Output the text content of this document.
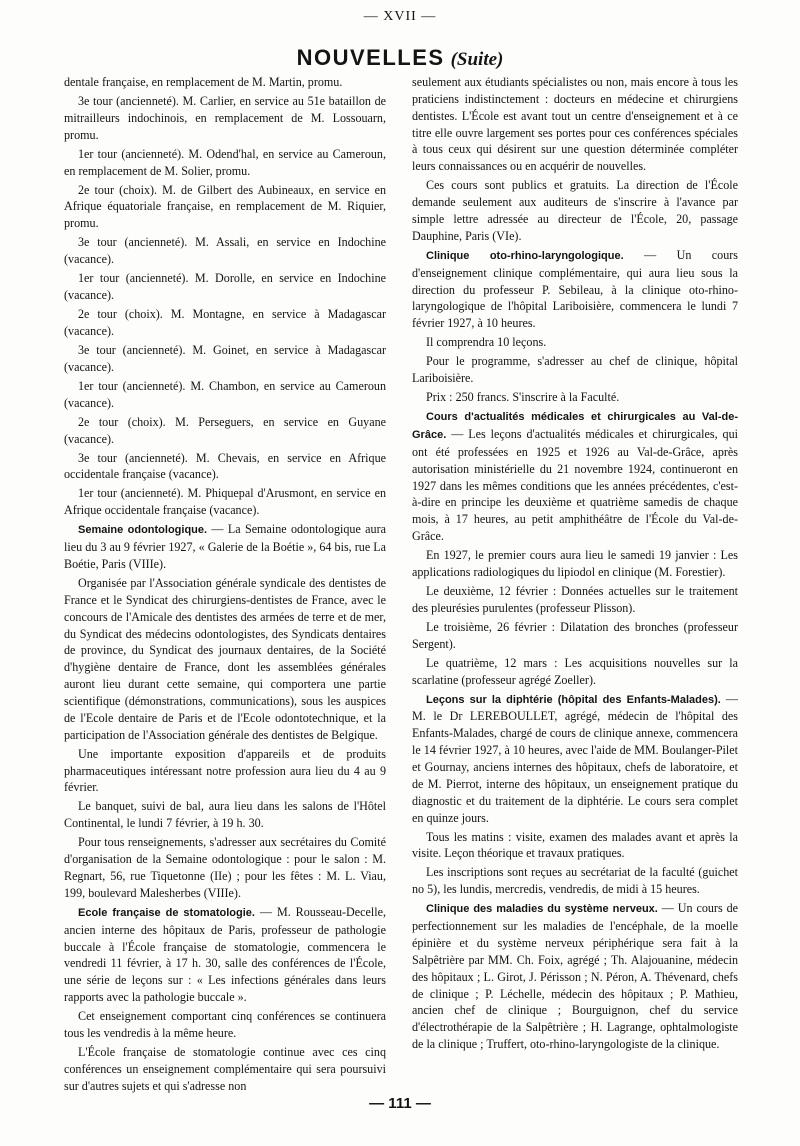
— XVII —
NOUVELLES (Suite)

dentale française, en remplacement de M. Martin, promu.

3e tour (ancienneté). M. Carlier, en service au 51e bataillon de mitrailleurs indochinois, en remplacement de M. Lossouarn, promu.

1er tour (ancienneté). M. Odend'hal, en service au Cameroun, en remplacement de M. Solier, promu.

2e tour (choix). M. de Gilbert des Aubineaux, en service en Afrique équatoriale française, en remplacement de M. Riquier, promu.

3e tour (ancienneté). M. Assali, en service en Indochine (vacance).

1er tour (ancienneté). M. Dorolle, en service en Indochine (vacance).

2e tour (choix). M. Montagne, en service à Madagascar (vacance).

3e tour (ancienneté). M. Goinet, en service à Madagascar (vacance).

1er tour (ancienneté). M. Chambon, en service au Cameroun (vacance).

2e tour (choix). M. Perseguers, en service en Guyane (vacance).

3e tour (ancienneté). M. Chevais, en service en Afrique occidentale française (vacance).

1er tour (ancienneté). M. Phiquepal d'Arusmont, en service en Afrique occidentale française (vacance).

Semaine odontologique. — La Semaine odontologique aura lieu du 3 au 9 février 1927, « Galerie de la Boétie », 64 bis, rue La Boétie, Paris (VIIIe).

Organisée par l'Association générale syndicale des dentistes de France et le Syndicat des chirurgiens-dentistes de France, avec le concours de l'Amicale des dentistes des armées de terre et de mer, du Syndicat des médecins odontologistes, des Syndicats dentaires de province, du Syndicat des journaux dentaires, de la Société d'hygiène dentaire de France, dont les assemblées générales auront lieu durant cette semaine, qui comportera une partie scientifique (démonstrations, communications), sous les auspices de l'Ecole dentaire de Paris et de l'Ecole odontotechnique, et la participation de l'Association générale des dentistes de Belgique.

Une importante exposition d'appareils et de produits pharmaceutiques intéressant notre profession aura lieu du 4 au 9 février.

Le banquet, suivi de bal, aura lieu dans les salons de l'Hôtel Continental, le lundi 7 février, à 19 h. 30.

Pour tous renseignements, s'adresser aux secrétaires du Comité d'organisation de la Semaine odontologique : pour le salon : M. Regnart, 56, rue Tiquetonne (IIe) ; pour les fêtes : M. L. Viau, 199, boulevard Malesherbes (VIIIe).

Ecole française de stomatologie. — M. Rousseau-Decelle, ancien interne des hôpitaux de Paris, professeur de pathologie buccale à l'École française de stomatologie, commencera le vendredi 11 février, à 17 h. 30, salle des conférences de l'École, une série de leçons sur : « Les infections générales dans leurs rapports avec la pathologie buccale ».

Cet enseignement comportant cinq conférences se continuera tous les vendredis à la même heure.

L'École française de stomatologie continue avec ces cinq conférences un enseignement complémentaire qui sera poursuivi sur d'autres sujets et qui s'adresse non

seulement aux étudiants spécialistes ou non, mais encore à tous les praticiens indistinctement : docteurs en médecine et chirurgiens dentistes. L'École est avant tout un centre d'enseignement et à ce titre elle ouvre largement ses portes pour ces conférences spéciales à tous ceux qui désirent sur une question déterminée compléter leurs connaissances ou en acquérir de nouvelles.

Ces cours sont publics et gratuits. La direction de l'École demande seulement aux auditeurs de s'inscrire à l'avance par simple lettre adressée au directeur de l'École, 20, passage Dauphine, Paris (VIe).

Clinique oto-rhino-laryngologique. — Un cours d'enseignement clinique complémentaire, qui aura lieu sous la direction du professeur P. Sebileau, à la clinique oto-rhino-laryngologique de l'hôpital Lariboisière, commencera le lundi 7 février 1927, à 10 heures.

Il comprendra 10 leçons.

Pour le programme, s'adresser au chef de clinique, hôpital Lariboisière.

Prix : 250 francs. S'inscrire à la Faculté.

Cours d'actualités médicales et chirurgicales au Val-de-Grâce. — Les leçons d'actualités médicales et chirurgicales, qui ont été professées en 1925 et 1926 au Val-de-Grâce, après autorisation ministérielle du 21 novembre 1924, continueront en 1927 dans les mêmes conditions que les années précédentes, c'est-à-dire en principe les deuxième et quatrième samedis de chaque mois, à 17 heures, au petit amphithéâtre de l'École du Val-de-Grâce.

En 1927, le premier cours aura lieu le samedi 19 janvier : Les applications radiologiques du lipiodol en clinique (M. Forestier).

Le deuxième, 12 février : Données actuelles sur le traitement des pleurésies purulentes (professeur Plisson).

Le troisième, 26 février : Dilatation des bronches (professeur Sergent).

Le quatrième, 12 mars : Les acquisitions nouvelles sur la scarlatine (professeur agrégé Zoeller).

Leçons sur la diphtérie (hôpital des Enfants-Malades). — M. le Dr LEREBOULLET, agrégé, médecin de l'hôpital des Enfants-Malades, chargé de cours de clinique annexe, commencera le 14 février 1927, à 10 heures, avec l'aide de MM. Boulanger-Pilet et Gournay, anciens internes des hôpitaux, chefs de laboratoire, et de M. Pierrot, interne des hôpitaux, un enseignement pratique du diagnostic et du traitement de la diphtérie. Le cours sera complet en quinze jours.

Tous les matins : visite, examen des malades avant et après la visite. Leçon théorique et travaux pratiques.

Les inscriptions sont reçues au secrétariat de la faculté (guichet no 5), les lundis, mercredis, vendredis, de midi à 15 heures.

Clinique des maladies du système nerveux. — Un cours de perfectionnement sur les maladies de l'encéphale, de la moelle épinière et du système nerveux périphérique sera fait à la Salpêtrière par MM. Ch. Foix, agrégé ; Th. Alajouanine, médecin des hôpitaux ; L. Girot, J. Périsson ; N. Péron, A. Thévenard, chefs de clinique ; P. Léchelle, médecin des hôpitaux ; P. Mathieu, ancien chef de clinique ; Bourguignon, chef du service d'électrothérapie de la Salpêtrière ; H. Lagrange, ophtalmologiste de la clinique ; Truffert, oto-rhino-laryngologiste de la clinique.

— 111 —
